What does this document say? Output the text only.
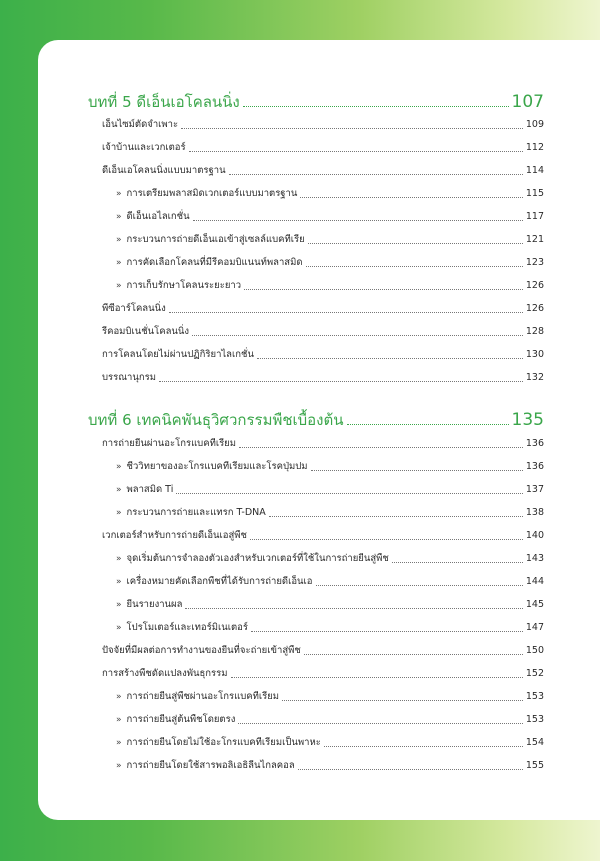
บทที่ 5 ดีเอ็นเอโคลนนิ่ง	107
เอ็นไซม์ตัดจำเพาะ	109
เจ้าบ้านและเวกเตอร์	112
ดีเอ็นเอโคลนนิ่งแบบมาตรฐาน	114
» การเตรียมพลาสมิดเวกเตอร์แบบมาตรฐาน	115
» ดีเอ็นเอไลเกชั่น	117
» กระบวนการถ่ายดีเอ็นเอเข้าสู่เซลล์แบคทีเรีย	121
» การคัดเลือกโคลนที่มีรีคอมบิแนนท์พลาสมิด	123
» การเก็บรักษาโคลนระยะยาว	126
พีซีอาร์โคลนนิ่ง	126
รีคอมบิเนชั่นโคลนนิ่ง	128
การโคลนโดยไม่ผ่านปฏิกิริยาไลเกชั่น	130
บรรณานุกรม	132
บทที่ 6 เทคนิคพันธุวิศวกรรมพืชเบื้องต้น	135
การถ่ายยีนผ่านอะโกรแบคทีเรียม	136
» ชีววิทยาของอะโกรแบคทีเรียมและโรคปุ่มปม	136
» พลาสมิด Ti	137
» กระบวนการถ่ายและแทรก T-DNA	138
เวกเตอร์สำหรับการถ่ายดีเอ็นเอสู่พืช	140
» จุดเริ่มต้นการจำลองตัวเองสำหรับเวกเตอร์ที่ใช้ในการถ่ายยีนสู่พืช	143
» เครื่องหมายคัดเลือกพืชที่ได้รับการถ่ายดีเอ็นเอ	144
» ยีนรายงานผล	145
» โปรโมเตอร์และเทอร์มิเนเตอร์	147
ปัจจัยที่มีผลต่อการทำงานของยีนที่จะถ่ายเข้าสู่พืช	150
การสร้างพืชดัดแปลงพันธุกรรม	152
» การถ่ายยีนสู่พืชผ่านอะโกรแบคทีเรียม	153
» การถ่ายยีนสู่ต้นพืชโดยตรง	153
» การถ่ายยีนโดยไม่ใช้อะโกรแบคทีเรียมเป็นพาหะ	154
» การถ่ายยีนโดยใช้สารพอลิเอธิลีนไกลคอล	155
